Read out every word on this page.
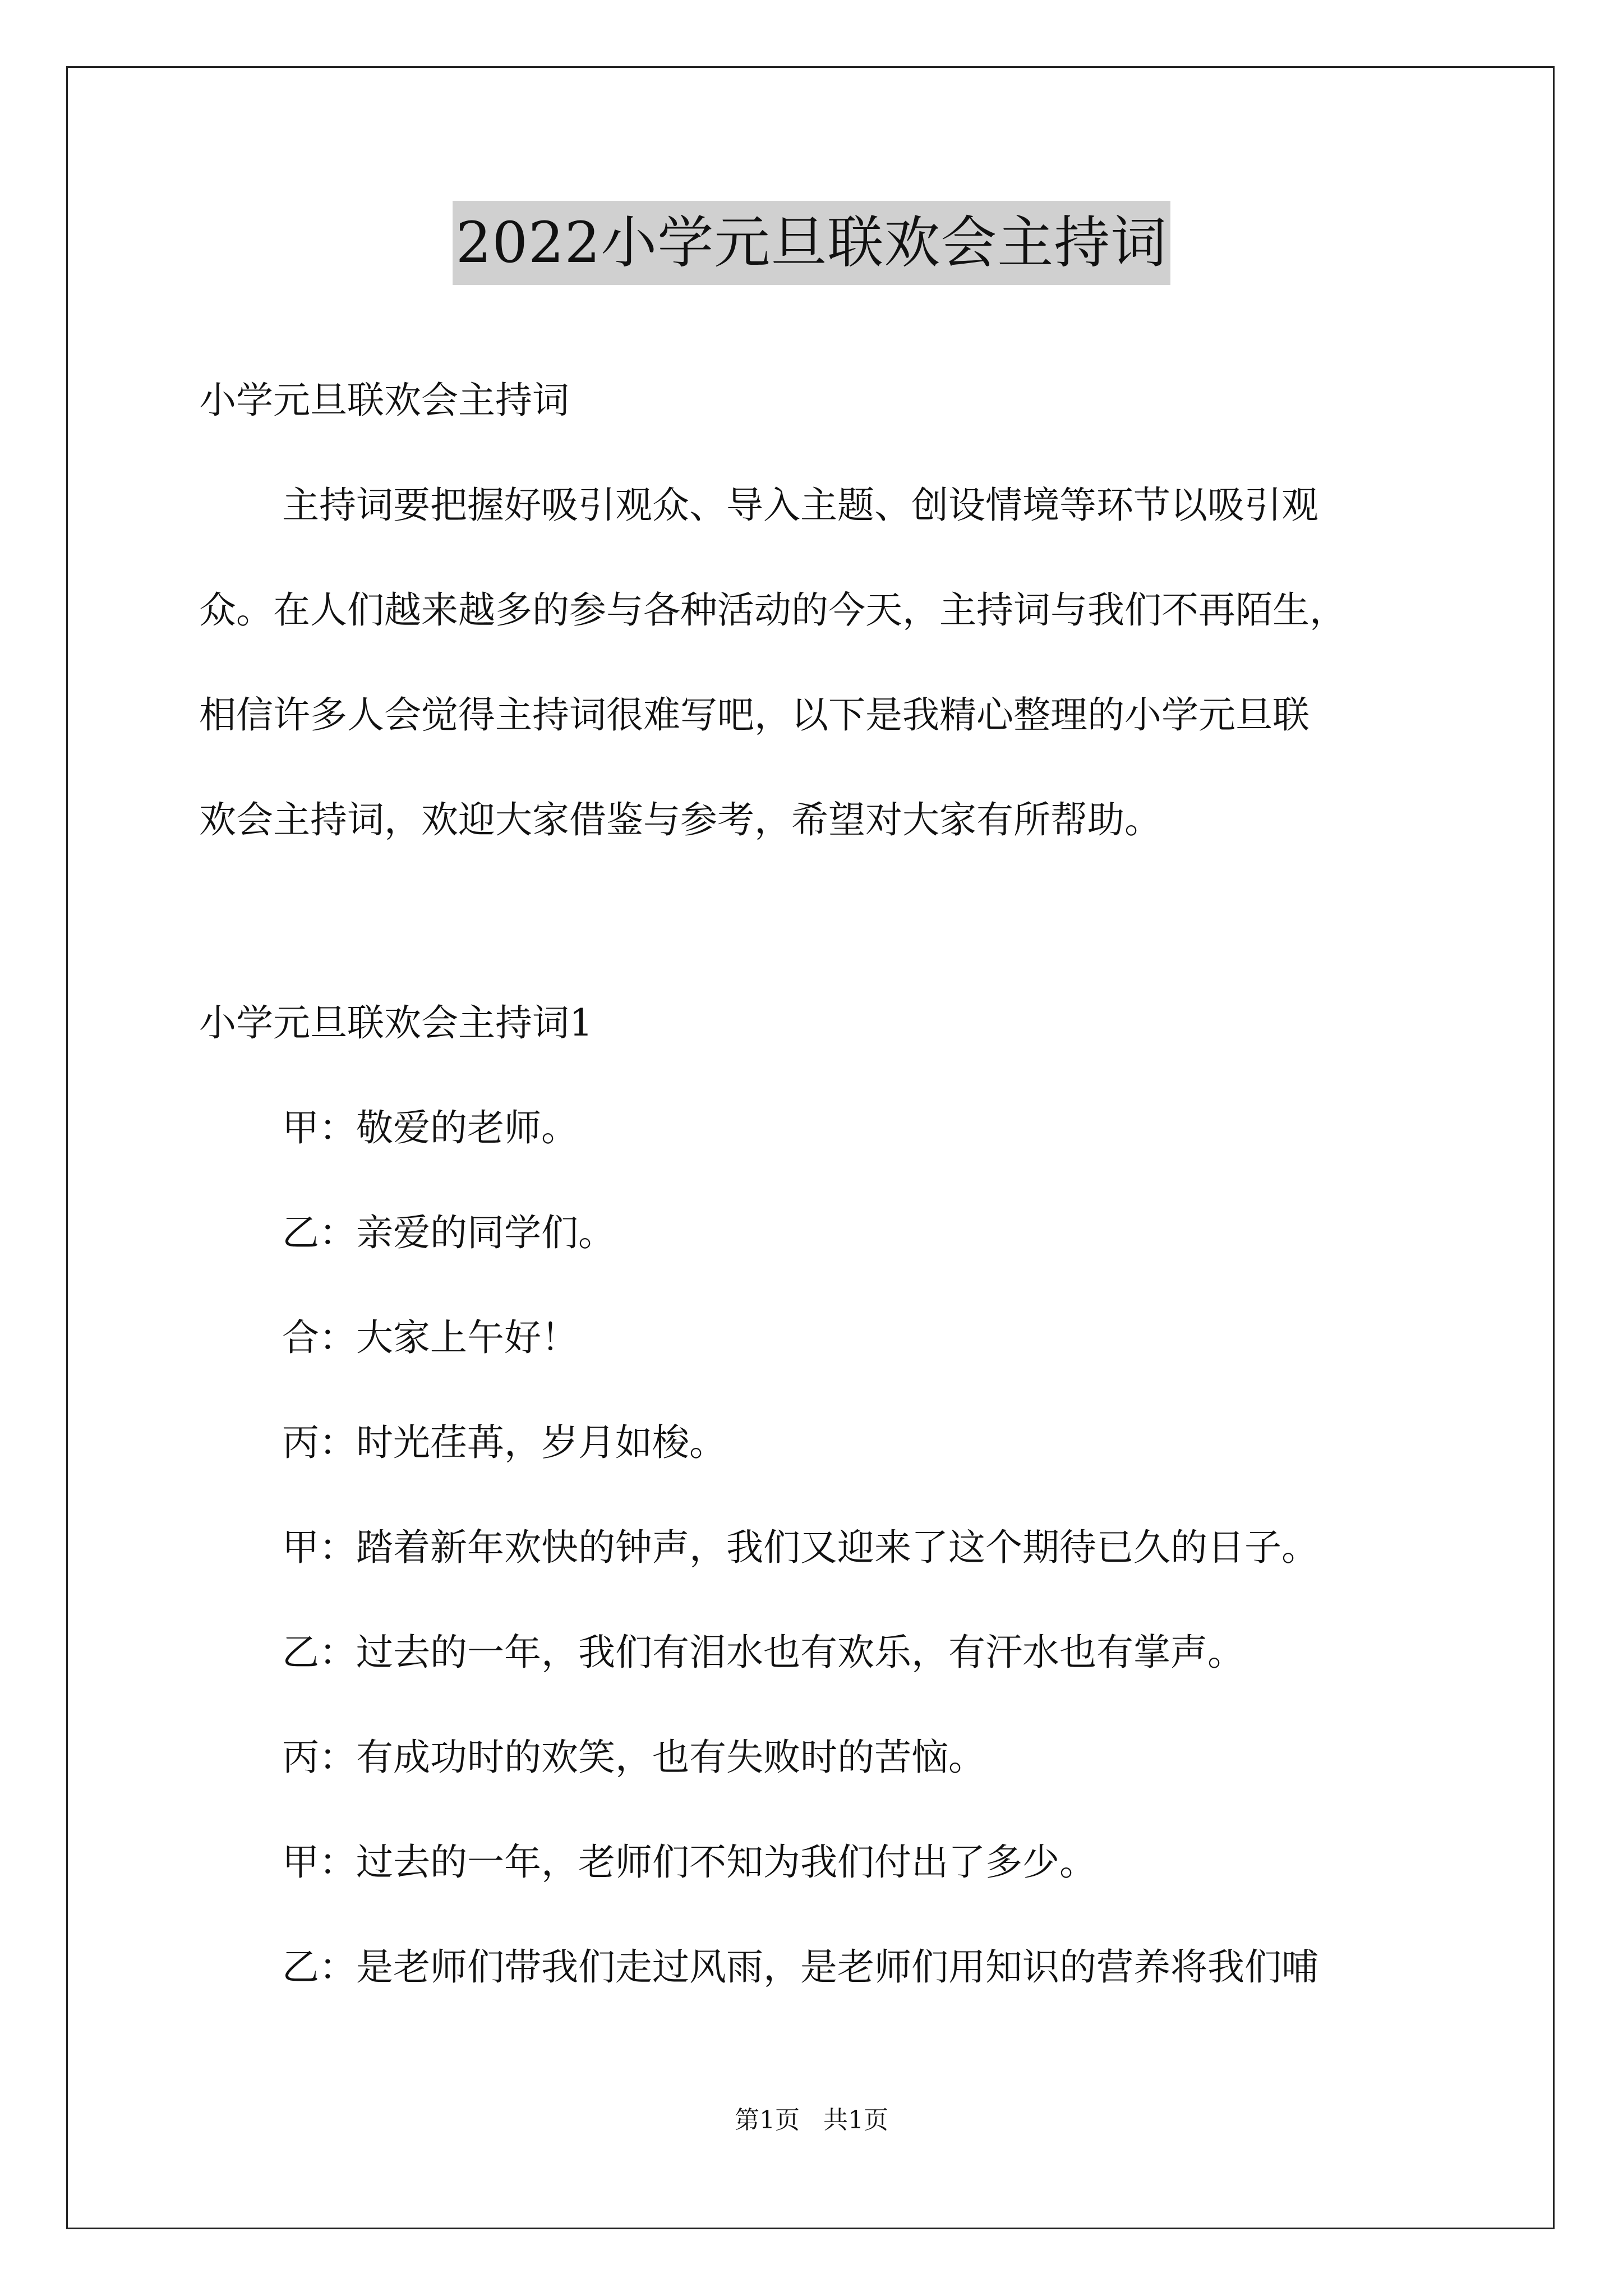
2022小学元旦联欢会主持词
小学元旦联欢会主持词
主持词要把握好吸引观众、导入主题、创设情境等环节以吸引观
众。在人们越来越多的参与各种活动的今天，主持词与我们不再陌生，
相信许多人会觉得主持词很难写吧，以下是我精心整理的小学元旦联
欢会主持词，欢迎大家借鉴与参考，希望对大家有所帮助。
小学元旦联欢会主持词1
甲：敬爱的老师。
乙：亲爱的同学们。
合：大家上午好！
丙：时光荏苒，岁月如梭。
甲：踏着新年欢快的钟声，我们又迎来了这个期待已久的日子。
乙：过去的一年，我们有泪水也有欢乐，有汗水也有掌声。
丙：有成功时的欢笑，也有失败时的苦恼。
甲：过去的一年，老师们不知为我们付出了多少。
乙：是老师们带我们走过风雨，是老师们用知识的营养将我们哺
第1页 共1页
